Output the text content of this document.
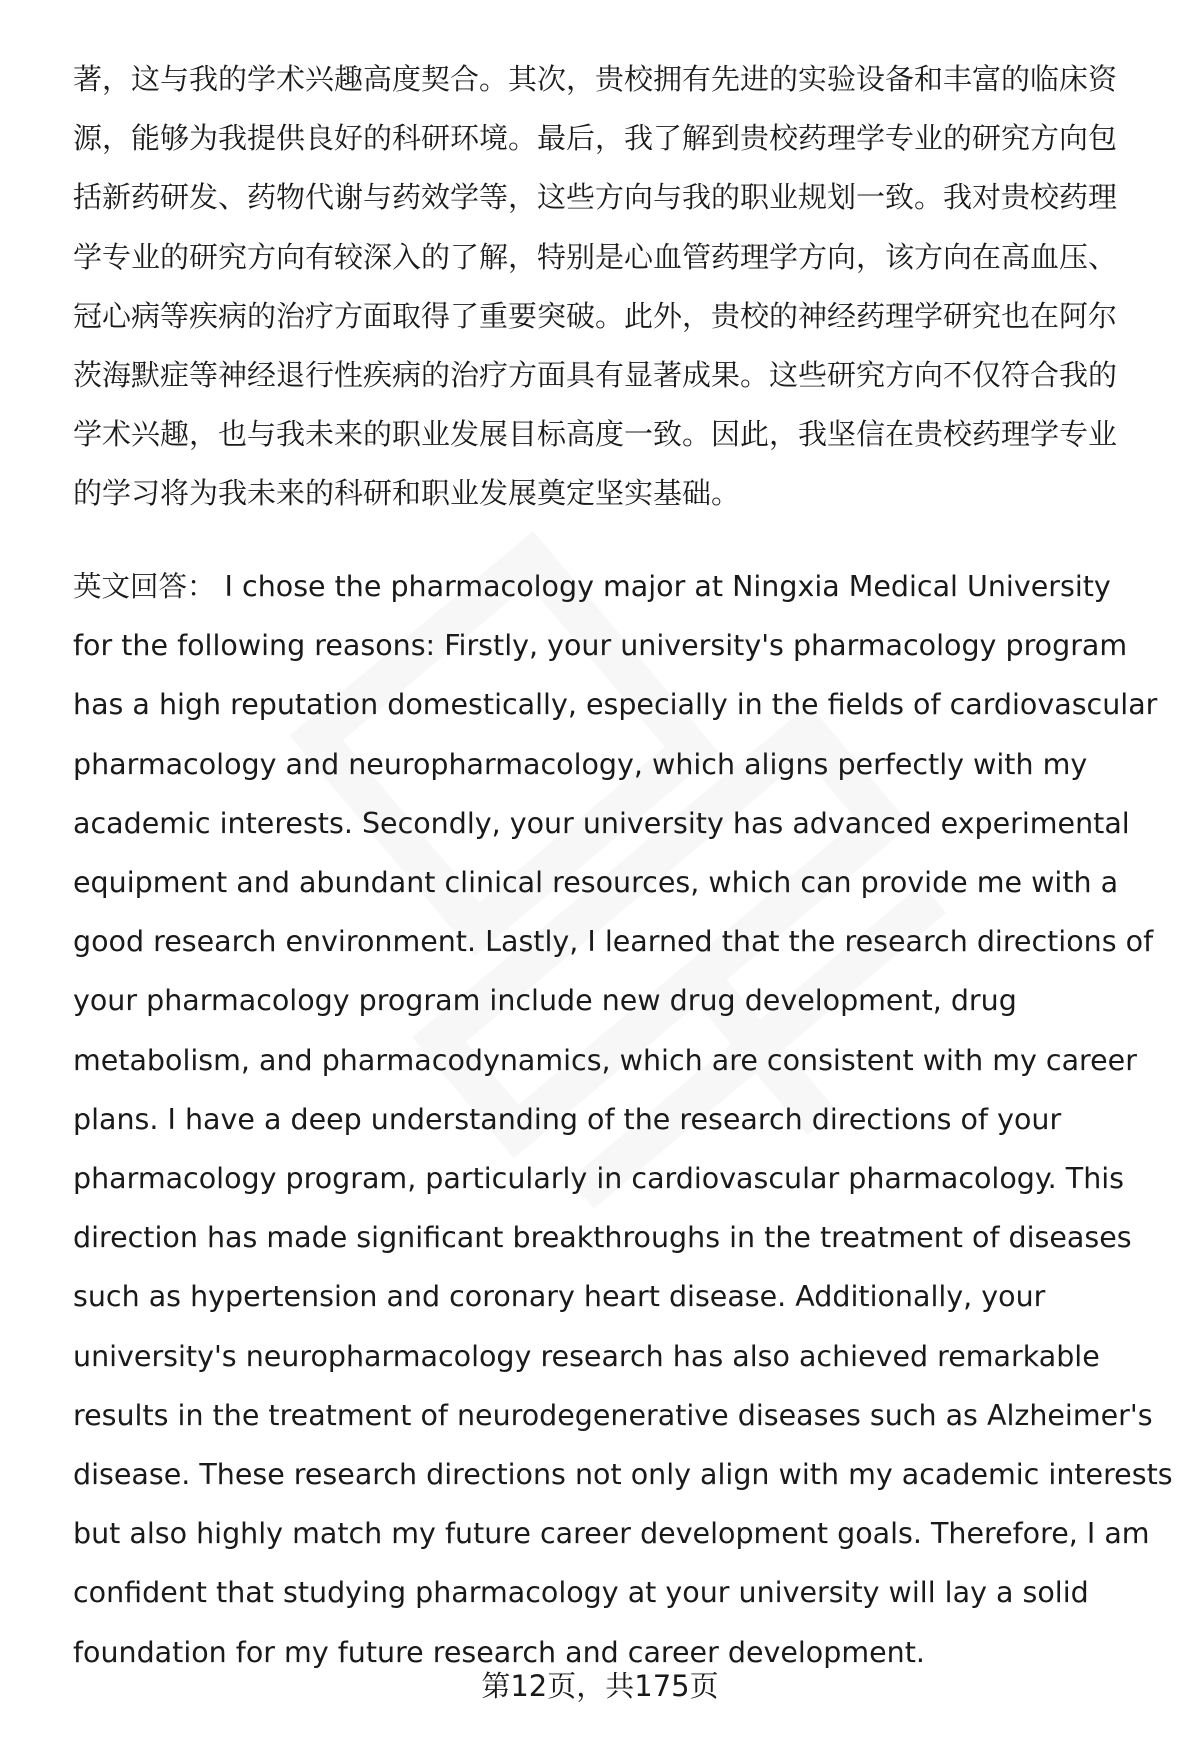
著，这与我的学术兴趣高度契合。其次，贵校拥有先进的实验设备和丰富的临床资
源，能够为我提供良好的科研环境。最后，我了解到贵校药理学专业的研究方向包
括新药研发、药物代谢与药效学等，这些方向与我的职业规划一致。我对贵校药理
学专业的研究方向有较深入的了解，特别是心血管药理学方向，该方向在高血压、
冠心病等疾病的治疗方面取得了重要突破。此外，贵校的神经药理学研究也在阿尔
茨海默症等神经退行性疾病的治疗方面具有显著成果。这些研究方向不仅符合我的
学术兴趣，也与我未来的职业发展目标高度一致。因此，我坚信在贵校药理学专业
的学习将为我未来的科研和职业发展奠定坚实基础。
英文回答： I chose the pharmacology major at Ningxia Medical University
for the following reasons: Firstly, your university's pharmacology program
has a high reputation domestically, especially in the fields of cardiovascular
pharmacology and neuropharmacology, which aligns perfectly with my
academic interests. Secondly, your university has advanced experimental
equipment and abundant clinical resources, which can provide me with a
good research environment. Lastly, I learned that the research directions of
your pharmacology program include new drug development, drug
metabolism, and pharmacodynamics, which are consistent with my career
plans. I have a deep understanding of the research directions of your
pharmacology program, particularly in cardiovascular pharmacology. This
direction has made significant breakthroughs in the treatment of diseases
such as hypertension and coronary heart disease. Additionally, your
university's neuropharmacology research has also achieved remarkable
results in the treatment of neurodegenerative diseases such as Alzheimer's
disease. These research directions not only align with my academic interests
but also highly match my future career development goals. Therefore, I am
confident that studying pharmacology at your university will lay a solid
foundation for my future research and career development.
第12页，共175页
